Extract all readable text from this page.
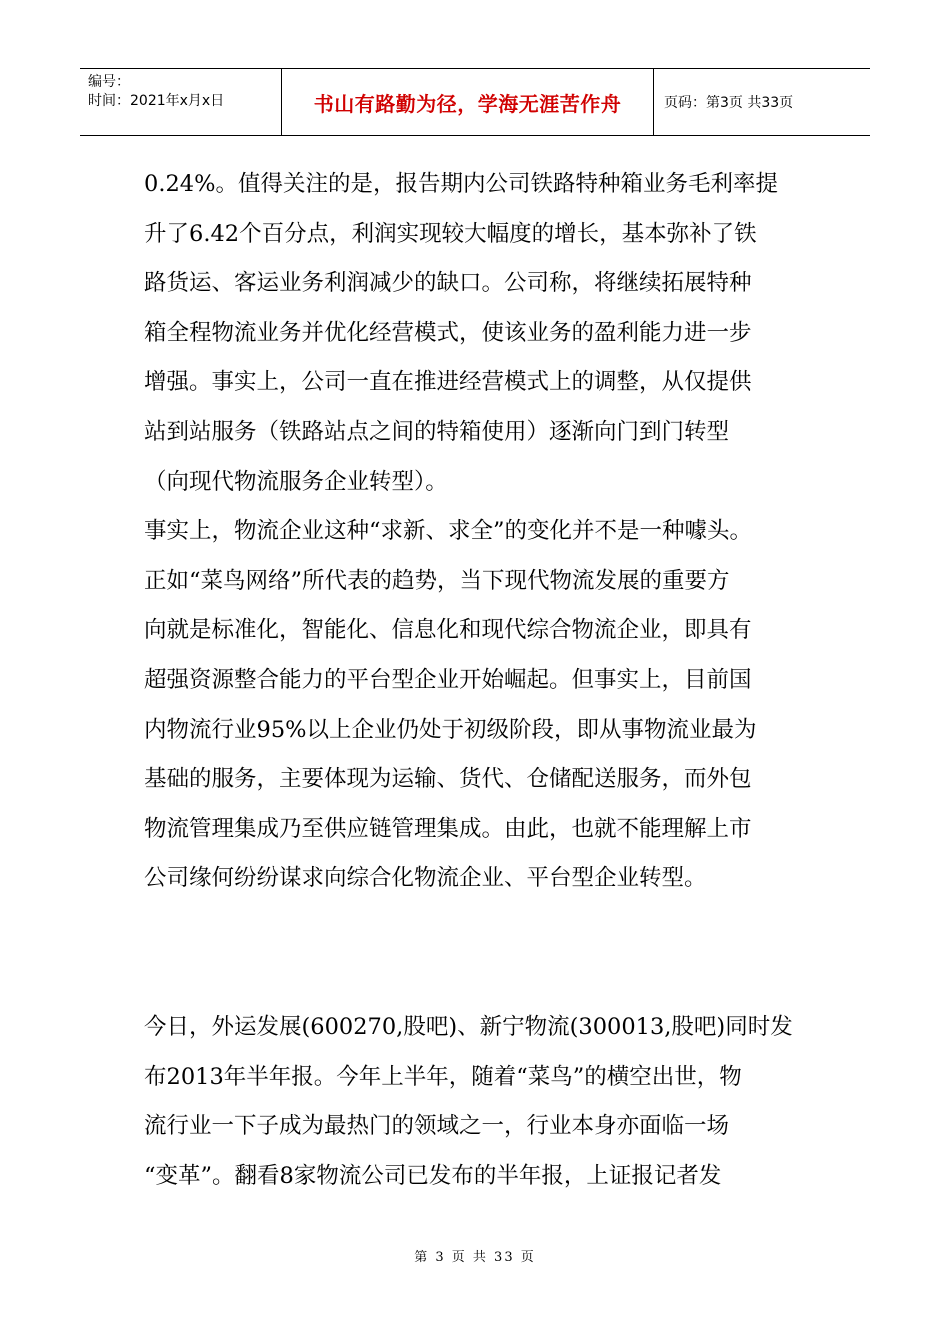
编号：
时间：2021年x月x日	书山有路勤为径，学海无涯苦作舟	页码：第3页 共33页

0.24%。值得关注的是，报告期内公司铁路特种箱业务毛利率提
升了6.42个百分点，利润实现较大幅度的增长，基本弥补了铁
路货运、客运业务利润减少的缺口。公司称，将继续拓展特种
箱全程物流业务并优化经营模式，使该业务的盈利能力进一步
增强。事实上，公司一直在推进经营模式上的调整，从仅提供
站到站服务（铁路站点之间的特箱使用）逐渐向门到门转型
（向现代物流服务企业转型）。

事实上，物流企业这种“求新、求全”的变化并不是一种噱头。
正如“菜鸟网络”所代表的趋势，当下现代物流发展的重要方
向就是标准化，智能化、信息化和现代综合物流企业，即具有
超强资源整合能力的平台型企业开始崛起。但事实上，目前国
内物流行业95%以上企业仍处于初级阶段，即从事物流业最为
基础的服务，主要体现为运输、货代、仓储配送服务，而外包
物流管理集成乃至供应链管理集成。由此，也就不能理解上市
公司缘何纷纷谋求向综合化物流企业、平台型企业转型。

今日，外运发展(600270,股吧)、新宁物流(300013,股吧)同时发
布2013年半年报。今年上半年，随着“菜鸟”的横空出世，物
流行业一下子成为最热门的领域之一，行业本身亦面临一场
“变革”。翻看8家物流公司已发布的半年报，上证报记者发

第 3 页 共 33 页
